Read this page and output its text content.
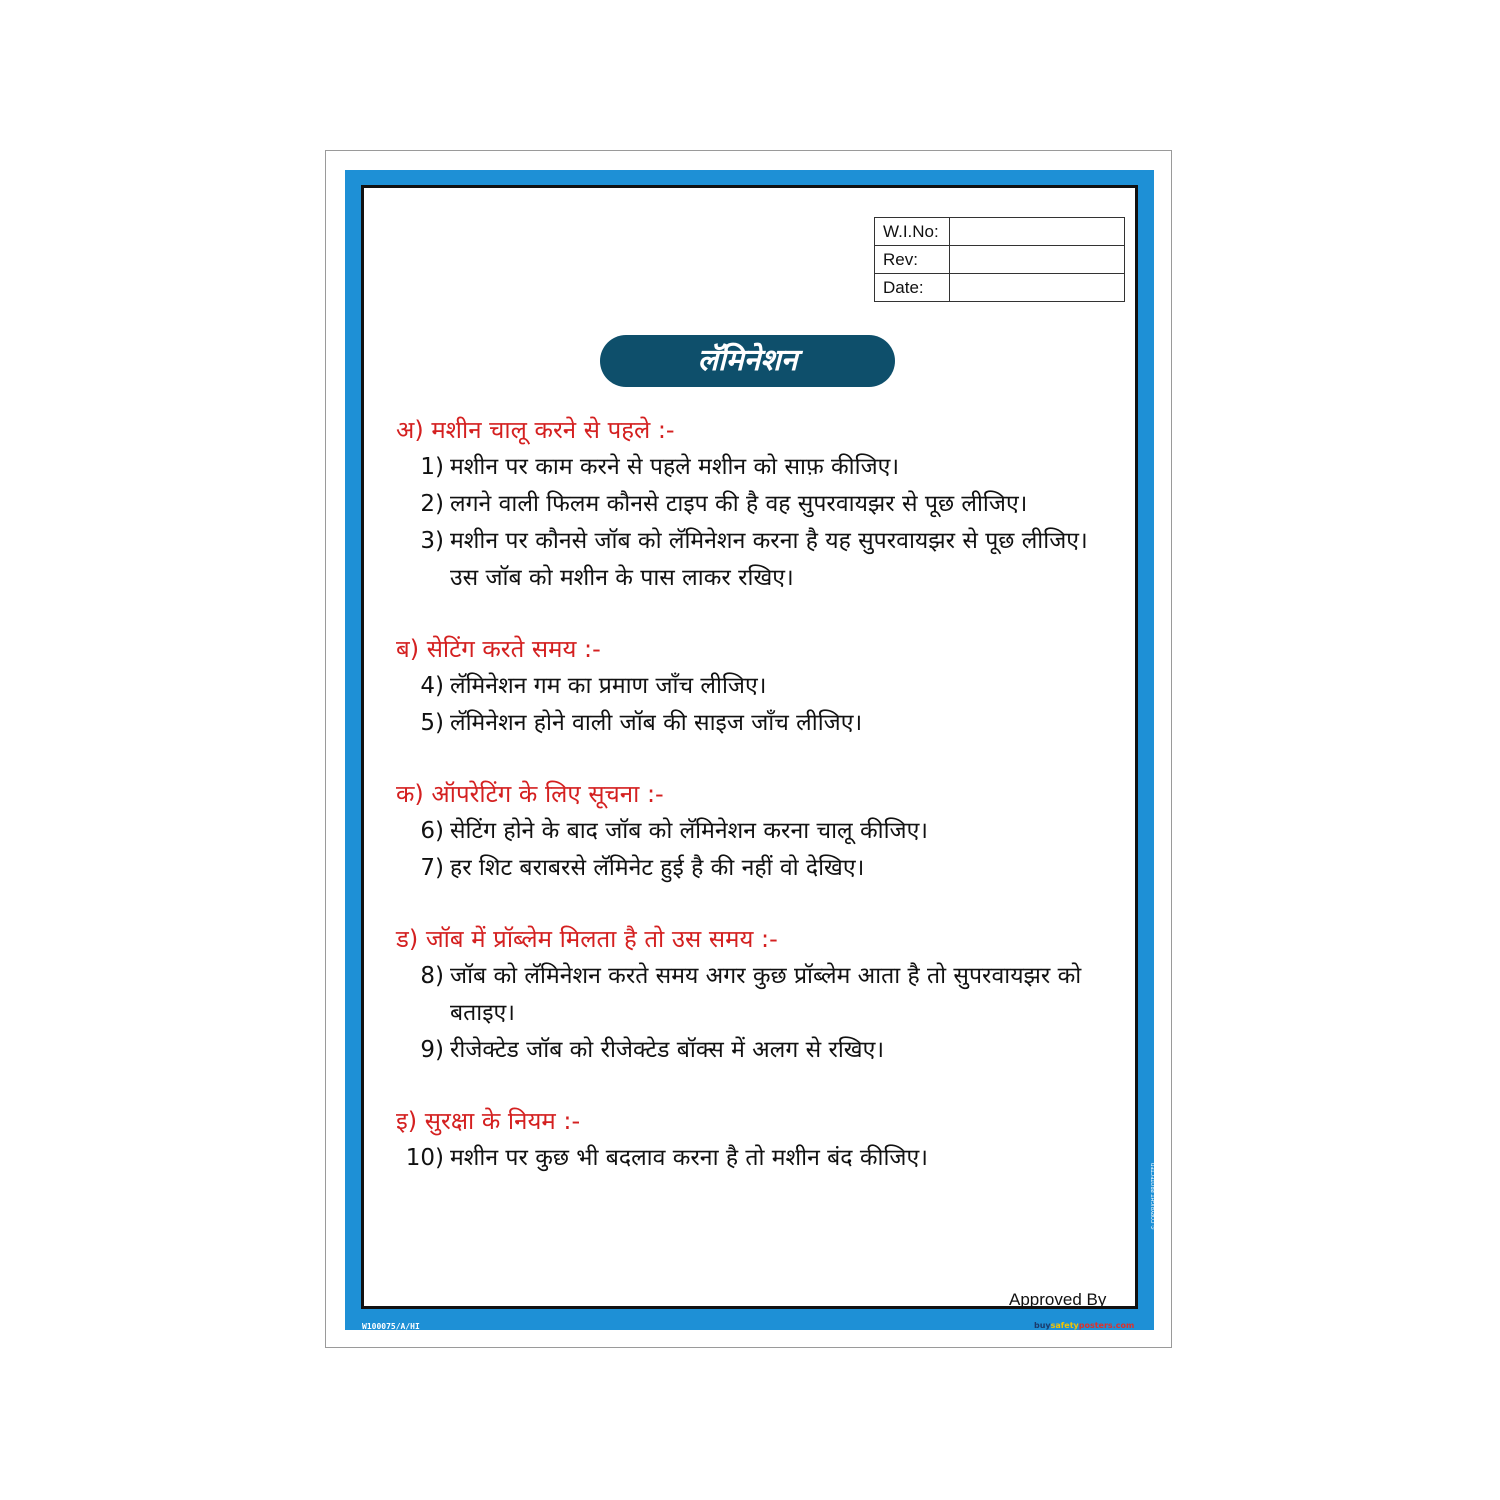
W.I.No:	
Rev:	
Date:	
लॅमिनेशन
अ) मशीन चालू करने से पहले :-
1) मशीन पर काम करने से पहले मशीन को साफ़ कीजिए।
2) लगने वाली फिलम कौनसे टाइप की है वह सुपरवायझर से पूछ लीजिए।
3) मशीन पर कौनसे जॉब को लॅमिनेशन करना है यह सुपरवायझर से पूछ लीजिए। उस जॉब को मशीन के पास लाकर रखिए।
ब) सेटिंग करते समय :-
4) लॅमिनेशन गम का प्रमाण जाँच लीजिए।
5) लॅमिनेशन होने वाली जॉब की साइज जाँच लीजिए।
क) ऑपरेटिंग के लिए सूचना :-
6) सेटिंग होने के बाद जॉब को लॅमिनेशन करना चालू कीजिए।
7) हर शिट बराबरसे लॅमिनेट हुई है की नहीं वो देखिए।
ड) जॉब में प्रॉब्लेम मिलता है तो उस समय :-
8) जॉब को लॅमिनेशन करते समय अगर कुछ प्रॉब्लेम आता है तो सुपरवायझर को बताइए।
9) रीजेक्टेड जॉब को रीजेक्टेड बॉक्स में अलग से रखिए।
इ) सुरक्षा के नियम :-
10) मशीन पर कुछ भी बदलाव करना है तो मशीन बंद कीजिए।
Approved By
© COPYRIGHT PROTECTED
W100075/A/HI	buysafetyposters.com
